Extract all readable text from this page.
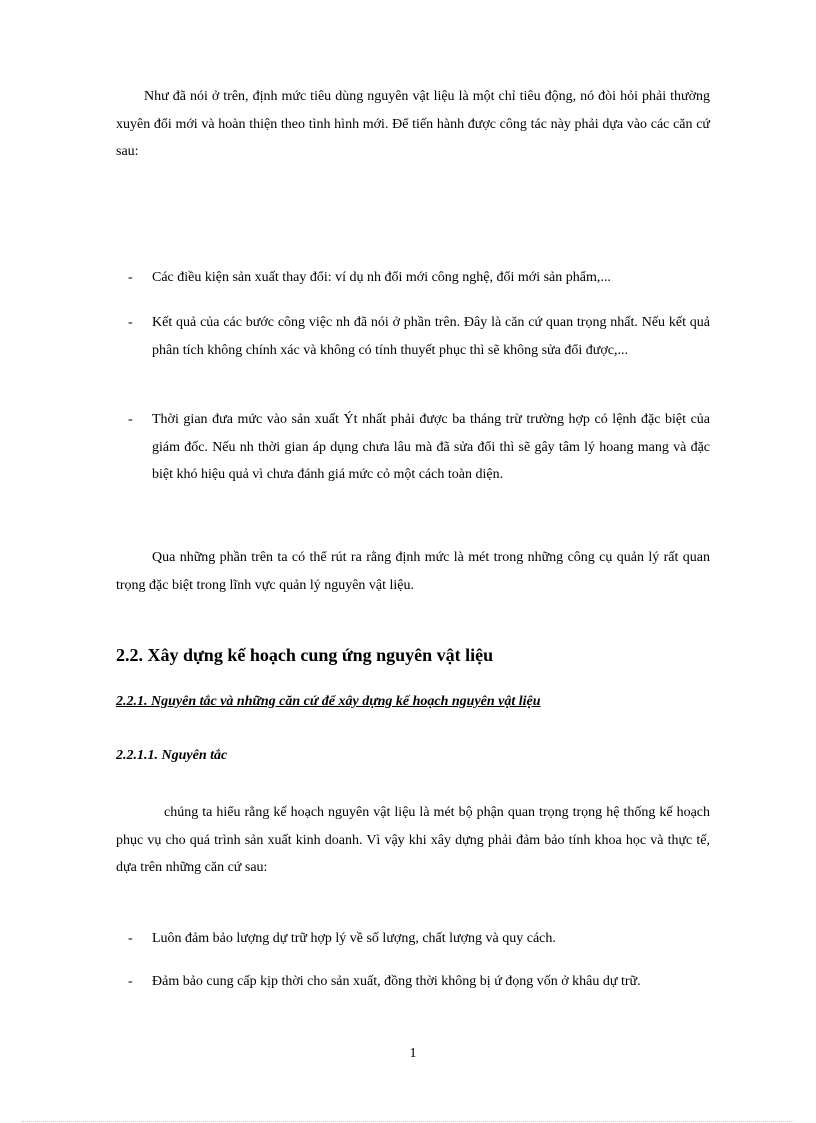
Như đã nói ở trên, định mức tiêu dùng nguyên vật liệu là một chỉ tiêu động, nó đòi hỏi phải thường xuyên đổi mới và hoàn thiện theo tình hình mới. Để tiến hành được công tác này phải dựa vào các căn cứ sau:

- Các điều kiện sản xuất thay đổi: ví dụ nh đổi mới công nghệ, đổi mới sản phẩm,...
- Kết quả của các bước công việc nh đã nói ở phần trên. Đây là căn cứ quan trọng nhất. Nếu kết quả phân tích không chính xác và không có tính thuyết phục thì sẽ không sửa đổi được,...
- Thời gian đưa mức vào sản xuất Ýt nhất phải được ba tháng trừ trường hợp có lệnh đặc biệt của giám đốc. Nếu nh thời gian áp dụng chưa lâu mà đã sửa đổi thì sẽ gây tâm lý hoang mang và đặc biệt khó hiệu quả vì chưa đánh giá mức cỏ một cách toàn diện.

Qua những phần trên ta có thể rút ra rằng định mức là mét trong những công cụ quản lý rất quan trọng đặc biệt trong lĩnh vực quản lý nguyên vật liệu.

2.2. Xây dựng kế hoạch cung ứng nguyên vật liệu
2.2.1. Nguyên tắc và những căn cứ để xây dựng kế hoạch nguyên vật liệu
2.2.1.1. Nguyên tắc

chúng ta hiểu rằng kế hoạch nguyên vật liệu là mét bộ phận quan trọng trọng hệ thống kế hoạch phục vụ cho quá trình sản xuất kinh doanh. Vì vậy khi xây dựng phải đảm bảo tính khoa học và thực tế, dựa trên những căn cứ sau:

- Luôn đảm bảo lượng dự trữ hợp lý về số lượng, chất lượng và quy cách.
- Đảm bảo cung cấp kịp thời cho sản xuất, đồng thời không bị ứ đọng vốn ở khâu dự trữ.
1
